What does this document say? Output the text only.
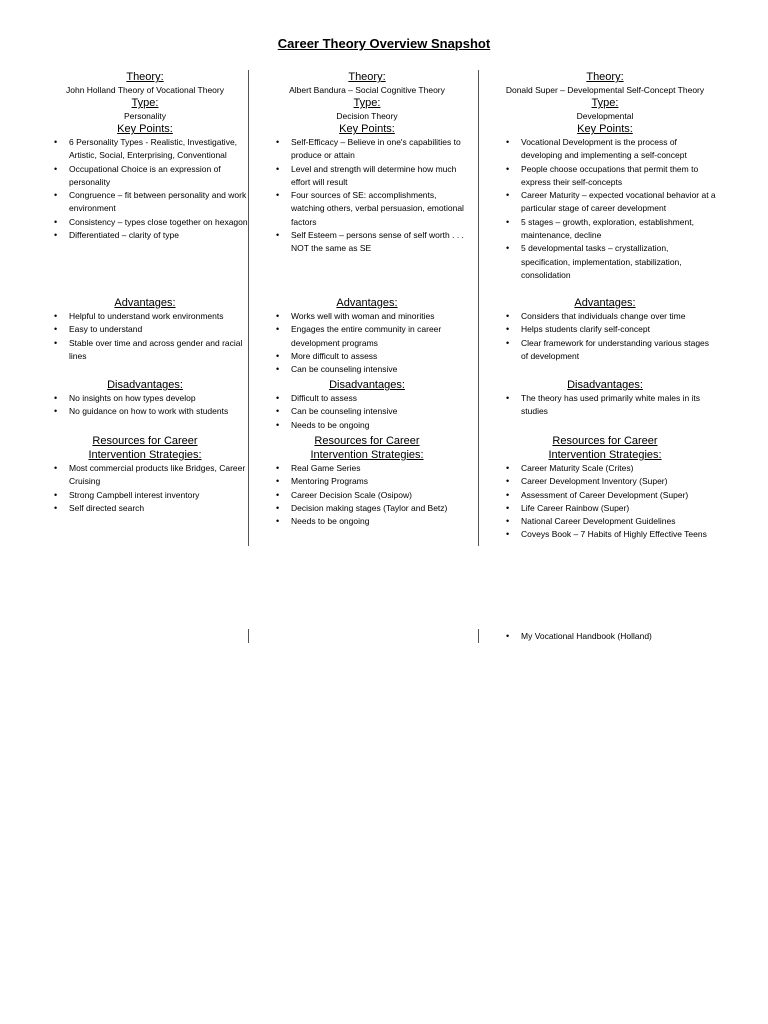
Career Theory Overview Snapshot

Theory:

John Holland Theory of Vocational Theory

Type:

Personality

Key Points:

• 6 Personality Types - Realistic, Investigative, Artistic, Social, Enterprising, Conventional
• Occupational Choice is an expression of personality
• Congruence – fit between personality and work environment
• Consistency – types close together on hexagon
• Differentiated – clarity of type

Advantages:

• Helpful to understand work environments
• Easy to understand
• Stable over time and across gender and racial lines

Disadvantages:

• No insights on how types develop
• No guidance on how to work with students

Resources for Career

Intervention Strategies:

• Most commercial products like Bridges, Career Cruising
• Strong Campbell interest inventory
• Self directed search

Theory:

Albert Bandura – Social Cognitive Theory

Type:

Decision Theory

Key Points:

• Self-Efficacy – Believe in one's capabilities to produce or attain
• Level and strength will determine how much effort will result
• Four sources of SE: accomplishments, watching others, verbal persuasion, emotional factors
• Self Esteem – persons sense of self worth . . . NOT the same as SE

Advantages:

• Works well with woman and minorities
• Engages the entire community in career development programs
• More difficult to assess
• Can be counseling intensive

Disadvantages:

• Difficult to assess
• Can be counseling intensive
• Needs to be ongoing

Resources for Career

Intervention Strategies:

• Real Game Series
• Mentoring Programs
• Career Decision Scale (Osipow)
• Decision making stages (Taylor and Betz)
• Needs to be ongoing

Theory:

Donald Super – Developmental Self-Concept Theory

Type:

Developmental

Key Points:

• Vocational Development is the process of developing and implementing a self-concept
• People choose occupations that permit them to express their self-concepts
• Career Maturity – expected vocational behavior at a particular stage of career development
• 5 stages – growth, exploration, establishment, maintenance, decline
• 5 developmental tasks – crystallization, specification, implementation, stabilization, consolidation

Advantages:

• Considers that individuals change over time
• Helps students clarify self-concept
• Clear framework for understanding various stages of development

Disadvantages:

• The theory has used primarily white males in its studies

Resources for Career

Intervention Strategies:

• Career Maturity Scale (Crites)
• Career Development Inventory (Super)
• Assessment of Career Development (Super)
• Life Career Rainbow (Super)
• National Career Development Guidelines
• Coveys Book – 7 Habits of Highly Effective Teens
• My Vocational Handbook (Holland)
